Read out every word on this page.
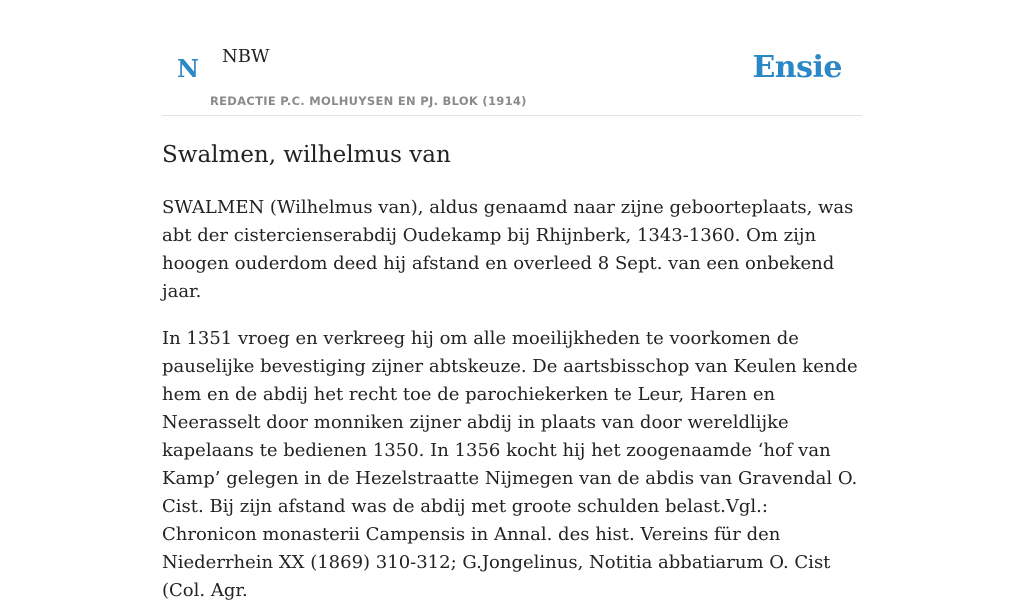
N NBW
REDACTIE P.C. MOLHUYSEN EN PJ. BLOK (1914)
Ensie
Swalmen, wilhelmus van

SWALMEN (Wilhelmus van), aldus genaamd naar zijne geboorteplaats, was abt der cistercienserabdij Oudekamp bij Rhijnberk, 1343-1360. Om zijn hoogen ouderdom deed hij afstand en overleed 8 Sept. van een onbekend jaar.

In 1351 vroeg en verkreeg hij om alle moeilijkheden te voorkomen de pauselijke bevestiging zijner abtskeuze. De aartsbisschop van Keulen kende hem en de abdij het recht toe de parochiekerken te Leur, Haren en Neerasselt door monniken zijner abdij in plaats van door wereldlijke kapelaans te bedienen 1350. In 1356 kocht hij het zoogenaamde ‘hof van Kamp’ gelegen in de Hezelstraatte Nijmegen van de abdis van Gravendal O. Cist. Bij zijn afstand was de abdij met groote schulden belast.Vgl.: Chronicon monasterii Campensis in Annal. des hist. Vereins für den Niederrhein XX (1869) 310-312; G.Jongelinus, Notitia abbatiarum O. Cist (Col. Agr.
